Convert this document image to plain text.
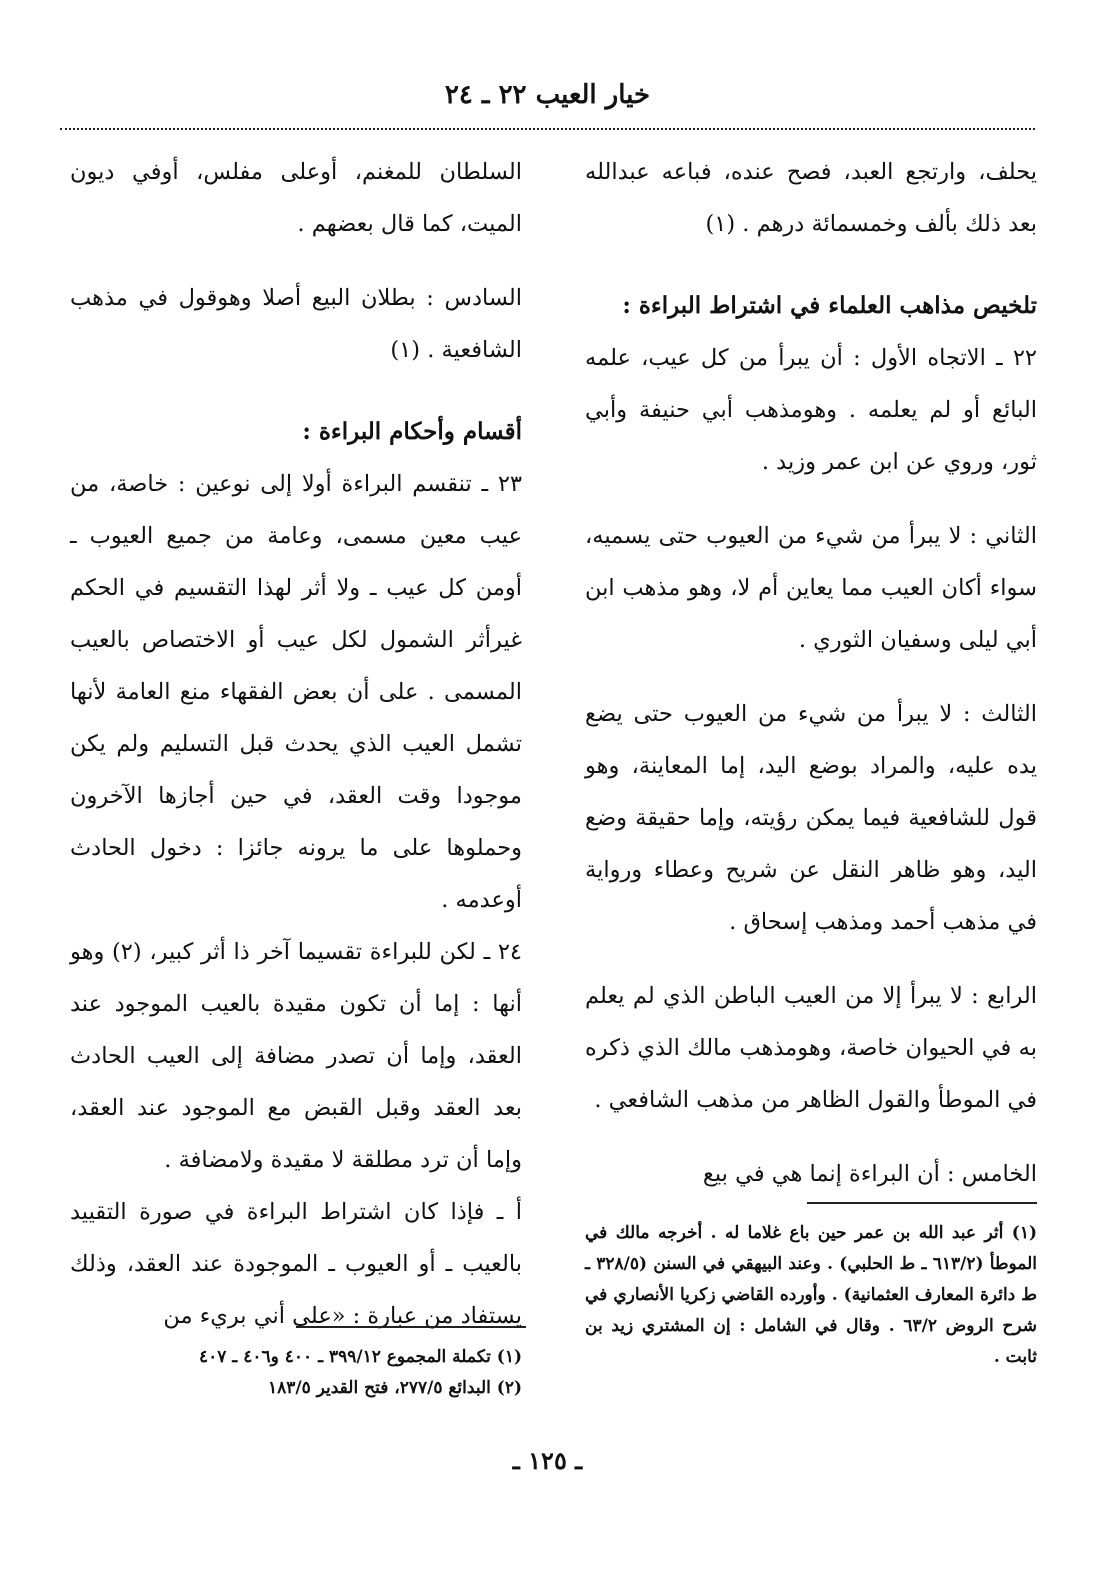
خيار العيب ٢٢ ـ ٢٤

يحلف، وارتجع العبد، فصح عنده، فباعه عبدالله بعد ذلك بألف وخمسمائة درهم . (١)

تلخيص مذاهب العلماء في اشتراط البراءة :

٢٢ ـ الاتجاه الأول : أن يبرأ من كل عيب، علمه البائع أو لم يعلمه . وهومذهب أبي حنيفة وأبي ثور، وروي عن ابن عمر وزيد .

الثاني : لا يبرأ من شيء من العيوب حتى يسميه، سواء أكان العيب مما يعاين أم لا، وهو مذهب ابن أبي ليلى وسفيان الثوري .

الثالث : لا يبرأ من شيء من العيوب حتى يضع يده عليه، والمراد بوضع اليد، إما المعاينة، وهو قول للشافعية فيما يمكن رؤيته، وإما حقيقة وضع اليد، وهو ظاهر النقل عن شريح وعطاء ورواية في مذهب أحمد ومذهب إسحاق .

الرابع : لا يبرأ إلا من العيب الباطن الذي لم يعلم به في الحيوان خاصة، وهومذهب مالك الذي ذكره في الموطأ والقول الظاهر من مذهب الشافعي .

الخامس : أن البراءة إنما هي في بيع

السلطان للمغنم، أوعلى مفلس، أوفي ديون الميت، كما قال بعضهم .

السادس : بطلان البيع أصلا وهوقول في مذهب الشافعية . (١)

أقسام وأحكام البراءة :

٢٣ ـ تنقسم البراءة أولا إلى نوعين : خاصة، من عيب معين مسمى، وعامة من جميع العيوب ـ أومن كل عيب ـ ولا أثر لهذا التقسيم في الحكم غيرأثر الشمول لكل عيب أو الاختصاص بالعيب المسمى . على أن بعض الفقهاء منع العامة لأنها تشمل العيب الذي يحدث قبل التسليم ولم يكن موجودا وقت العقد، في حين أجازها الآخرون وحملوها على ما يرونه جائزا : دخول الحادث أوعدمه .

٢٤ ـ لكن للبراءة تقسيما آخر ذا أثر كبير، (٢) وهو أنها : إما أن تكون مقيدة بالعيب الموجود عند العقد، وإما أن تصدر مضافة إلى العيب الحادث بعد العقد وقبل القبض مع الموجود عند العقد، وإما أن ترد مطلقة لا مقيدة ولامضافة .

أ ـ فإذا كان اشتراط البراءة في صورة التقييد بالعيب ـ أو العيوب ـ الموجودة عند العقد، وذلك يستفاد من عبارة : «على أني بريء من

(١) أثر عبد الله بن عمر حين باع غلاما له . أخرجه مالك في الموطأ (٦١٣/٢ ـ ط الحلبي) . وعند البيهقي في السنن (٣٢٨/٥ ـ ط دائرة المعارف العثمانية) . وأورده القاضي زكريا الأنصاري في شرح الروض ٦٣/٢ . وقال في الشامل : إن المشتري زيد بن ثابت .

(١) تكملة المجموع ٣٩٩/١٢ ـ ٤٠٠ و٤٠٦ ـ ٤٠٧

(٢) البدائع ٢٧٧/٥، فتح القدير ١٨٣/٥

ـ ١٢٥ ـ
